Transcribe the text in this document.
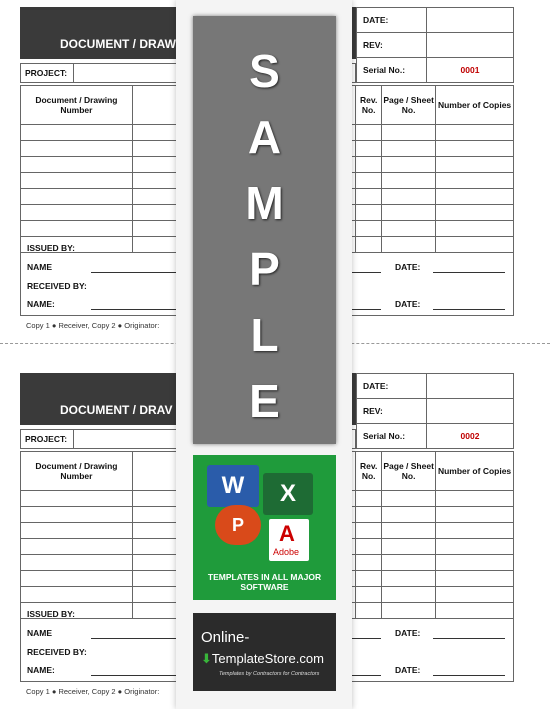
DOCUMENT / DRAW
DATE:	
REV:	
Serial No.:	0001
PROJECT:
Document / Drawing Number		Rev. No.	Page / Sheet No.	Number of Copies

ISSUED BY:
NAME	DATE:
RECEIVED BY:
NAME:	DATE:
Copy 1 ● Receiver, Copy 2 ● Originator:
DOCUMENT / DRAV
DATE:	
REV:	
Serial No.:	0002
PROJECT:
Document / Drawing Number		Rev. No.	Page / Sheet No.	Number of Copies

ISSUED BY:
NAME	DATE:
RECEIVED BY:
NAME:	DATE:
Copy 1 ● Receiver, Copy 2 ● Originator:
S
A
M
P
L
E
W	X
P	A
Adobe
TEMPLATES IN ALL MAJOR SOFTWARE
Online-
⬇TemplateStore.com
Templates by Contractors for Contractors
